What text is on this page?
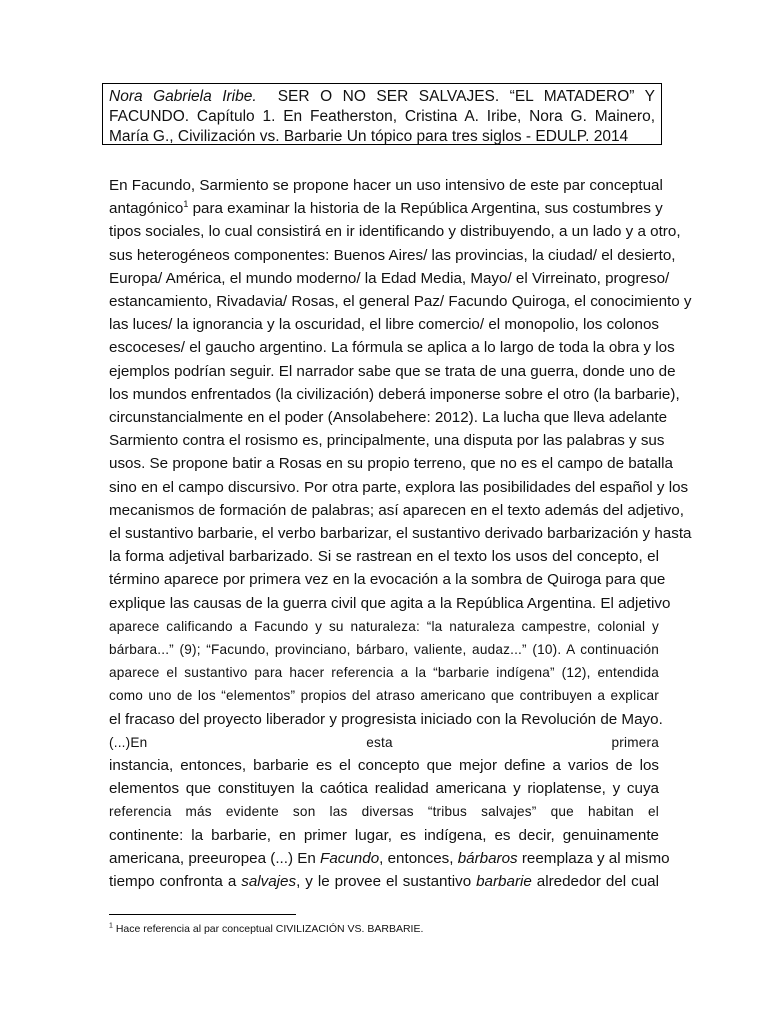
Nora Gabriela Iribe.  SER O NO SER SALVAJES. “EL MATADERO” Y
FACUNDO. Capítulo 1. En Featherston, Cristina A. Iribe, Nora G. Mainero,
María G., Civilización vs. Barbarie Un tópico para tres siglos - EDULP. 2014
En Facundo, Sarmiento se propone hacer un uso intensivo de este par conceptual
antagónico$^1$ para examinar la historia de la República Argentina, sus costumbres y
tipos sociales, lo cual consistirá en ir identificando y distribuyendo, a un lado y a otro,
sus heterogéneos componentes: Buenos Aires/ las provincias, la ciudad/ el desierto,
Europa/ América, el mundo moderno/ la Edad Media, Mayo/ el Virreinato, progreso/
estancamiento, Rivadavia/ Rosas, el general Paz/ Facundo Quiroga, el conocimiento y
las luces/ la ignorancia y la oscuridad, el libre comercio/ el monopolio, los colonos
escoceses/ el gaucho argentino. La fórmula se aplica a lo largo de toda la obra y los
ejemplos podrían seguir. El narrador sabe que se trata de una guerra, donde uno de
los mundos enfrentados (la civilización) deberá imponerse sobre el otro (la barbarie),
circunstancialmente en el poder (Ansolabehere: 2012). La lucha que lleva adelante
Sarmiento contra el rosismo es, principalmente, una disputa por las palabras y sus
usos. Se propone batir a Rosas en su propio terreno, que no es el campo de batalla
sino en el campo discursivo. Por otra parte, explora las posibilidades del español y los
mecanismos de formación de palabras; así aparecen en el texto además del adjetivo,
el sustantivo barbarie, el verbo barbarizar, el sustantivo derivado barbarización y hasta
la forma adjetival barbarizado. Si se rastrean en el texto los usos del concepto, el
término aparece por primera vez en la evocación a la sombra de Quiroga para que
explique las causas de la guerra civil que agita a la República Argentina. El adjetivo
aparece calificando a Facundo y su naturaleza: “la naturaleza campestre, colonial y
bárbara...” (9); “Facundo, provinciano, bárbaro, valiente, audaz...” (10). A continuación
aparece el sustantivo para hacer referencia a la “barbarie indígena” (12), entendida
como uno de los “elementos” propios del atraso americano que contribuyen a explicar
el fracaso del proyecto liberador y progresista iniciado con la Revolución de Mayo.
(...)En	esta	primera
instancia, entonces, barbarie es el concepto que mejor define a varios de los
elementos que constituyen la caótica realidad americana y rioplatense, y cuya
referencia más evidente son las diversas “tribus salvajes” que habitan el
continente: la barbarie, en primer lugar, es indígena, es decir, genuinamente
americana, preeuropea (...) En Facundo, entonces, bárbaros reemplaza y al mismo
tiempo confronta a salvajes, y le provee el sustantivo barbarie alrededor del cual
$^1$ Hace referencia al par conceptual CIVILIZACIÓN VS. BARBARIE.
